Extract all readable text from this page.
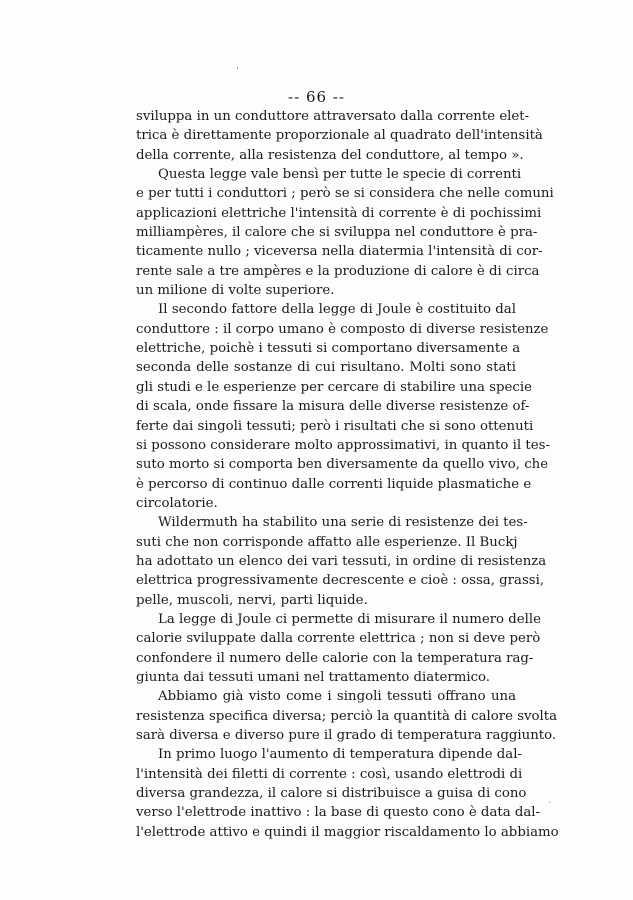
-- 66 --
sviluppa in un conduttore attraversato dalla corrente elet-
trica è direttamente proporzionale al quadrato dell'intensità
della corrente, alla resistenza del conduttore, al tempo ».
Questa legge vale bensì per tutte le specie di correnti
e per tutti i conduttori ; però se si considera che nelle comuni
applicazioni elettriche l'intensità di corrente è di pochissimi
milliampères, il calore che si sviluppa nel conduttore è pra-
ticamente nullo ; viceversa nella diatermia l'intensità di cor-
rente sale a tre ampères e la produzione di calore è di circa
un milione di volte superiore.
Il secondo fattore della legge di Joule è costituito dal
conduttore : il corpo umano è composto di diverse resistenze
elettriche, poichè i tessuti si comportano diversamente a
seconda delle sostanze di cui risultano. Molti sono stati
gli studi e le esperienze per cercare di stabilire una specie
di scala, onde fissare la misura delle diverse resistenze of-
ferte dai singoli tessuti; però i risultati che si sono ottenuti
si possono considerare molto approssimativi, in quanto il tes-
suto morto si comporta ben diversamente da quello vivo, che
è percorso di continuo dalle correnti liquide plasmatiche e
circolatorie.
Wildermuth ha stabilito una serie di resistenze dei tes-
suti che non corrisponde affatto alle esperienze. Il Buckj
ha adottato un elenco dei vari tessuti, in ordine di resistenza
elettrica progressivamente decrescente e cioè : ossa, grassi,
pelle, muscoli, nervi, parti liquide.
La legge di Joule ci permette di misurare il numero delle
calorie sviluppate dalla corrente elettrica ; non si deve però
confondere il numero delle calorie con la temperatura rag-
giunta dai tessuti umani nel trattamento diatermico.
Abbiamo già visto come i singoli tessuti offrano una
resistenza specifica diversa; perciò la quantità di calore svolta
sarà diversa e diverso pure il grado di temperatura raggiunto.
In primo luogo l'aumento di temperatura dipende dal-
l'intensità dei filetti di corrente : così, usando elettrodi di
diversa grandezza, il calore si distribuisce a guisa di cono
verso l'elettrode inattivo : la base di questo cono è data dal-
l'elettrode attivo e quindi il maggior riscaldamento lo abbiamo
'
·
